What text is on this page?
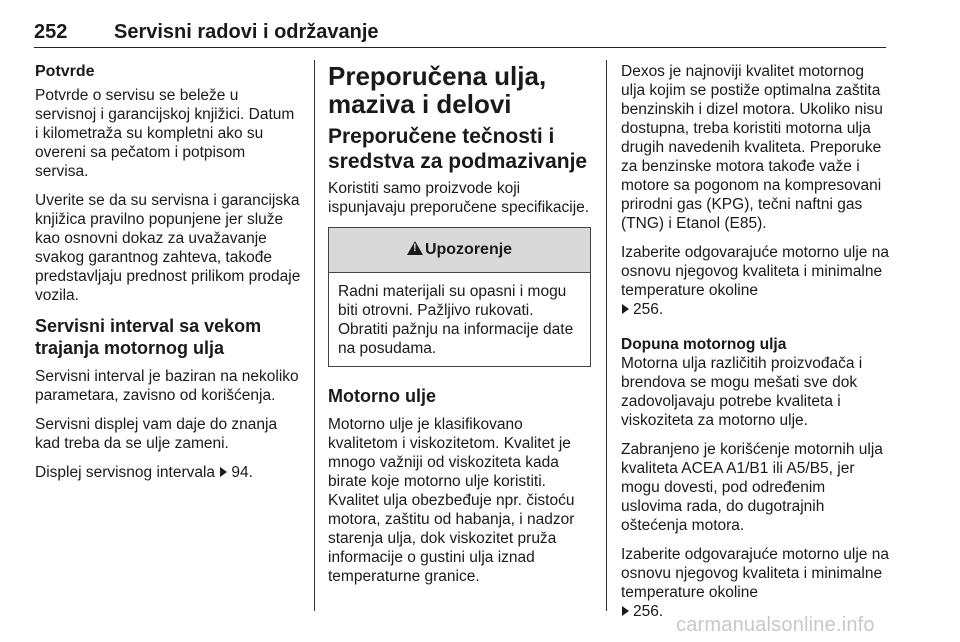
252 Servisni radovi i održavanje
Potvrde

Potvrde o servisu se beleže u servisnoj i garancijskoj knjižici. Datum i kilometraža su kompletni ako su overeni sa pečatom i potpisom servisa.

Uverite se da su servisna i garancijska knjižica pravilno popunjene jer služe kao osnovni dokaz za uvažavanje svakog garantnog zahteva, takođe predstavljaju prednost prilikom prodaje vozila.

Servisni interval sa vekom trajanja motornog ulja

Servisni interval je baziran na nekoliko parametara, zavisno od korišćenja.

Servisni displej vam daje do znanja kad treba da se ulje zameni.

Displej servisnog intervala 94.

Preporučena ulja, maziva i delovi
Preporučene tečnosti i sredstva za podmazivanje

Koristiti samo proizvode koji ispunjavaju preporučene specifikacije.

!Upozorenje

Radni materijali su opasni i mogu biti otrovni. Pažljivo rukovati. Obratiti pažnju na informacije date na posudama.

Motorno ulje

Motorno ulje je klasifikovano kvalitetom i viskozitetom. Kvalitet je mnogo važniji od viskoziteta kada birate koje motorno ulje koristiti. Kvalitet ulja obezbeđuje npr. čistoću motora, zaštitu od habanja, i nadzor starenja ulja, dok viskozitet pruža informacije o gustini ulja iznad temperaturne granice.

Dexos je najnoviji kvalitet motornog ulja kojim se postiže optimalna zaštita benzinskih i dizel motora. Ukoliko nisu dostupna, treba koristiti motorna ulja drugih navedenih kvaliteta. Preporuke za benzinske motora takođe važe i motore sa pogonom na kompresovani prirodni gas (KPG), tečni naftni gas (TNG) i Etanol (E85).

Izaberite odgovarajuće motorno ulje na osnovu njegovog kvaliteta i minimalne temperature okoline
256.

Dopuna motornog ulja

Motorna ulja različitih proizvođača i brendova se mogu mešati sve dok zadovoljavaju potrebe kvaliteta i viskoziteta za motorno ulje.

Zabranjeno je korišćenje motornih ulja kvaliteta ACEA A1/B1 ili A5/B5, jer mogu dovesti, pod određenim uslovima rada, do dugotrajnih oštećenja motora.

Izaberite odgovarajuće motorno ulje na osnovu njegovog kvaliteta i minimalne temperature okoline
256.

carmanualsonline.info
